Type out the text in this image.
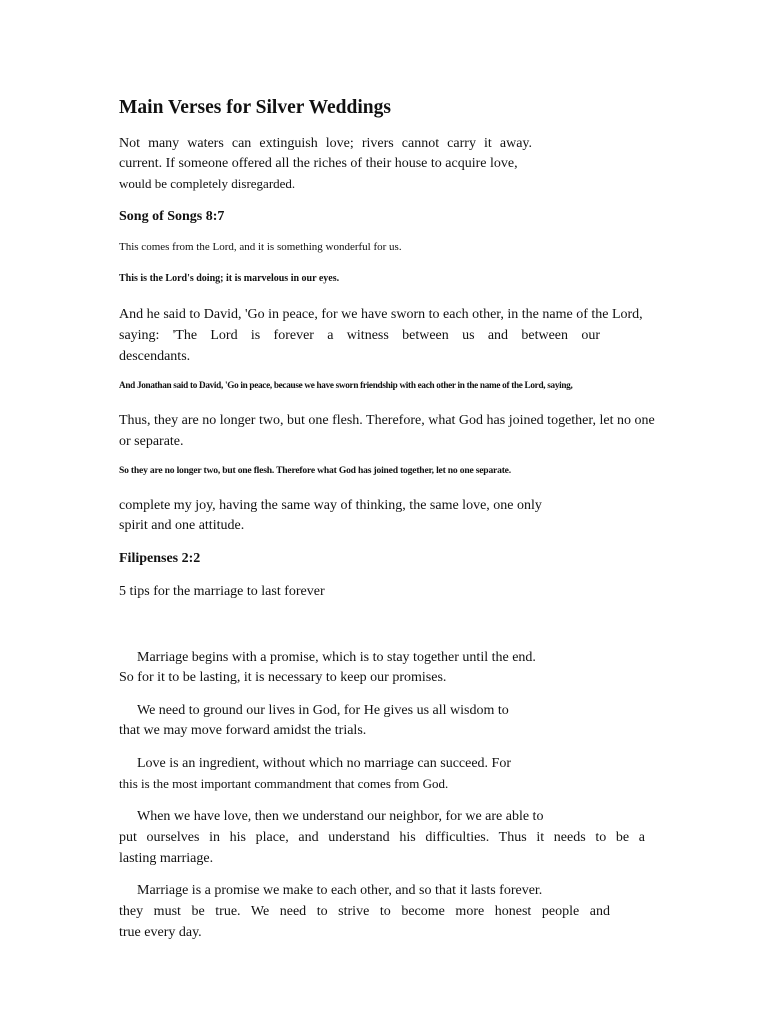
Main Verses for Silver Weddings
Not many waters can extinguish love; rivers cannot carry it away.
current. If someone offered all the riches of their house to acquire love,
would be completely disregarded.
Song of Songs 8:7
This comes from the Lord, and it is something wonderful for us.
This is the Lord's doing; it is marvelous in our eyes.
And he said to David, 'Go in peace, for we have sworn to each other, in the name of the Lord,
saying: 'The Lord is forever a witness between us and between our
descendants.
And Jonathan said to David, 'Go in peace, because we have sworn friendship with each other in the name of the Lord, saying,
Thus, they are no longer two, but one flesh. Therefore, what God has joined together, let no one
or separate.
So they are no longer two, but one flesh. Therefore what God has joined together, let no one separate.
complete my joy, having the same way of thinking, the same love, one only
spirit and one attitude.
Filipenses 2:2
5 tips for the marriage to last forever
Marriage begins with a promise, which is to stay together until the end.
So for it to be lasting, it is necessary to keep our promises.
We need to ground our lives in God, for He gives us all wisdom to
that we may move forward amidst the trials.
Love is an ingredient, without which no marriage can succeed. For
this is the most important commandment that comes from God.
When we have love, then we understand our neighbor, for we are able to
put ourselves in his place, and understand his difficulties. Thus it needs to be a
lasting marriage.
Marriage is a promise we make to each other, and so that it lasts forever.
they must be true. We need to strive to become more honest people and
true every day.
